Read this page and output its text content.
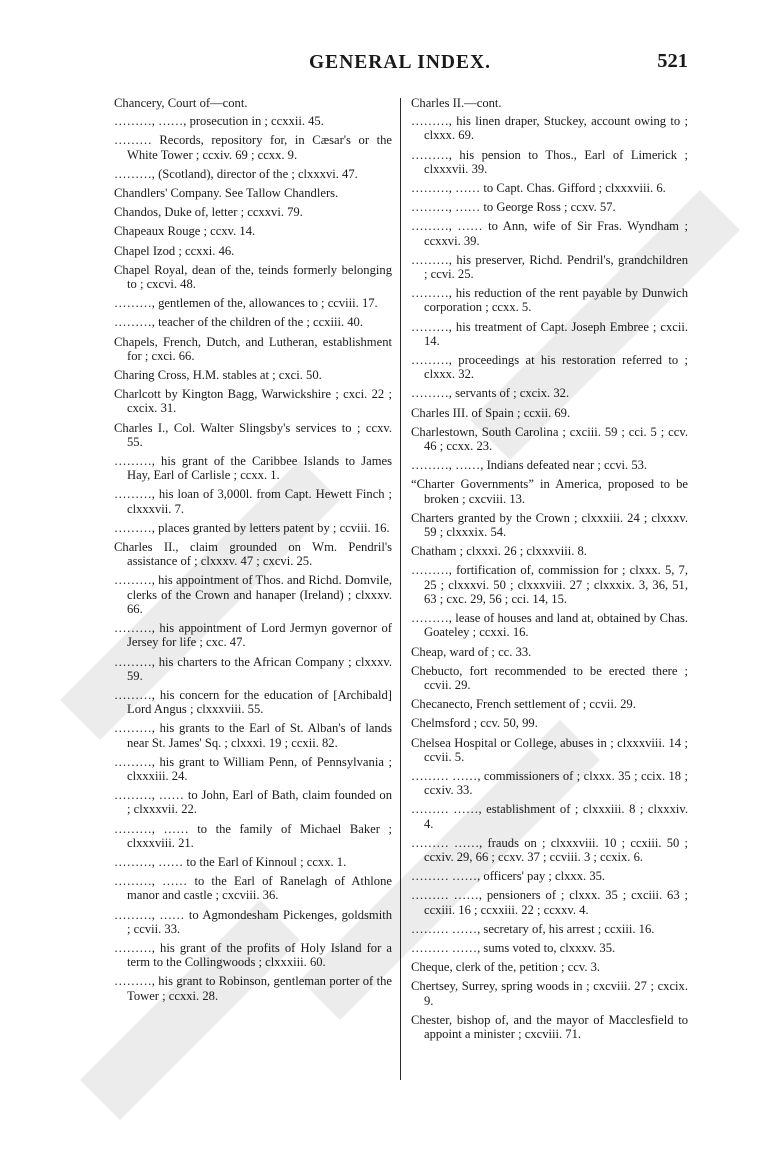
GENERAL INDEX.	521

Chancery, Court of—cont.

………, ……, prosecution in ; ccxxii. 45.

……… Records, repository for, in Cæsar's or the White Tower ; ccxiv. 69 ; ccxx. 9.

………, (Scotland), director of the ; clxxxvi. 47.

Chandlers' Company. See Tallow Chandlers.

Chandos, Duke of, letter ; ccxxvi. 79.

Chapeaux Rouge ; ccxv. 14.

Chapel Izod ; ccxxi. 46.

Chapel Royal, dean of the, teinds formerly belonging to ; cxcvi. 48.

………, gentlemen of the, allowances to ; ccviii. 17.

………, teacher of the children of the ; ccxiii. 40.

Chapels, French, Dutch, and Lutheran, establishment for ; cxci. 66.

Charing Cross, H.M. stables at ; cxci. 50.

Charlcott by Kington Bagg, Warwickshire ; cxci. 22 ; cxcix. 31.

Charles I., Col. Walter Slingsby's services to ; ccxv. 55.

………, his grant of the Caribbee Islands to James Hay, Earl of Carlisle ; ccxx. 1.

………, his loan of 3,000l. from Capt. Hewett Finch ; clxxxvii. 7.

………, places granted by letters patent by ; ccviii. 16.

Charles II., claim grounded on Wm. Pendril's assistance of ; clxxxv. 47 ; cxcvi. 25.

………, his appointment of Thos. and Richd. Domvile, clerks of the Crown and hanaper (Ireland) ; clxxxv. 66.

………, his appointment of Lord Jermyn governor of Jersey for life ; cxc. 47.

………, his charters to the African Company ; clxxxv. 59.

………, his concern for the education of [Archibald] Lord Angus ; clxxxviii. 55.

………, his grants to the Earl of St. Alban's of lands near St. James' Sq. ; clxxxi. 19 ; ccxii. 82.

………, his grant to William Penn, of Pennsylvania ; clxxxiii. 24.

………, …… to John, Earl of Bath, claim founded on ; clxxxvii. 22.

………, …… to the family of Michael Baker ; clxxxviii. 21.

………, …… to the Earl of Kinnoul ; ccxx. 1.

………, …… to the Earl of Ranelagh of Athlone manor and castle ; cxcviii. 36.

………, …… to Agmondesham Pickenges, goldsmith ; ccvii. 33.

………, his grant of the profits of Holy Island for a term to the Collingwoods ; clxxxiii. 60.

………, his grant to Robinson, gentleman porter of the Tower ; ccxxi. 28.

Charles II.—cont.

………, his linen draper, Stuckey, account owing to ; clxxx. 69.

………, his pension to Thos., Earl of Limerick ; clxxxvii. 39.

………, …… to Capt. Chas. Gifford ; clxxxviii. 6.

………, …… to George Ross ; ccxv. 57.

………, …… to Ann, wife of Sir Fras. Wyndham ; ccxxvi. 39.

………, his preserver, Richd. Pendril's, grandchildren ; ccvi. 25.

………, his reduction of the rent payable by Dunwich corporation ; ccxx. 5.

………, his treatment of Capt. Joseph Embree ; cxcii. 14.

………, proceedings at his restoration referred to ; clxxx. 32.

………, servants of ; cxcix. 32.

Charles III. of Spain ; ccxii. 69.

Charlestown, South Carolina ; cxciii. 59 ; cci. 5 ; ccv. 46 ; ccxx. 23.

………, ……, Indians defeated near ; ccvi. 53.

“Charter Governments” in America, proposed to be broken ; cxcviii. 13.

Charters granted by the Crown ; clxxxiii. 24 ; clxxxv. 59 ; clxxxix. 54.

Chatham ; clxxxi. 26 ; clxxxviii. 8.

………, fortification of, commission for ; clxxx. 5, 7, 25 ; clxxxvi. 50 ; clxxxviii. 27 ; clxxxix. 3, 36, 51, 63 ; cxc. 29, 56 ; cci. 14, 15.

………, lease of houses and land at, obtained by Chas. Goateley ; ccxxi. 16.

Cheap, ward of ; cc. 33.

Chebucto, fort recommended to be erected there ; ccvii. 29.

Checanecto, French settlement of ; ccvii. 29.

Chelmsford ; ccv. 50, 99.

Chelsea Hospital or College, abuses in ; clxxxviii. 14 ; ccvii. 5.

……… ……, commissioners of ; clxxx. 35 ; ccix. 18 ; ccxiv. 33.

……… ……, establishment of ; clxxxiii. 8 ; clxxxiv. 4.

……… ……, frauds on ; clxxxviii. 10 ; ccxiii. 50 ; ccxiv. 29, 66 ; ccxv. 37 ; ccviii. 3 ; ccxix. 6.

……… ……, officers' pay ; clxxx. 35.

……… ……, pensioners of ; clxxx. 35 ; cxciii. 63 ; ccxiii. 16 ; ccxxiii. 22 ; ccxxv. 4.

……… ……, secretary of, his arrest ; ccxiii. 16.

……… ……, sums voted to, clxxxv. 35.

Cheque, clerk of the, petition ; ccv. 3.

Chertsey, Surrey, spring woods in ; cxcviii. 27 ; cxcix. 9.

Chester, bishop of, and the mayor of Macclesfield to appoint a minister ; cxcviii. 71.
